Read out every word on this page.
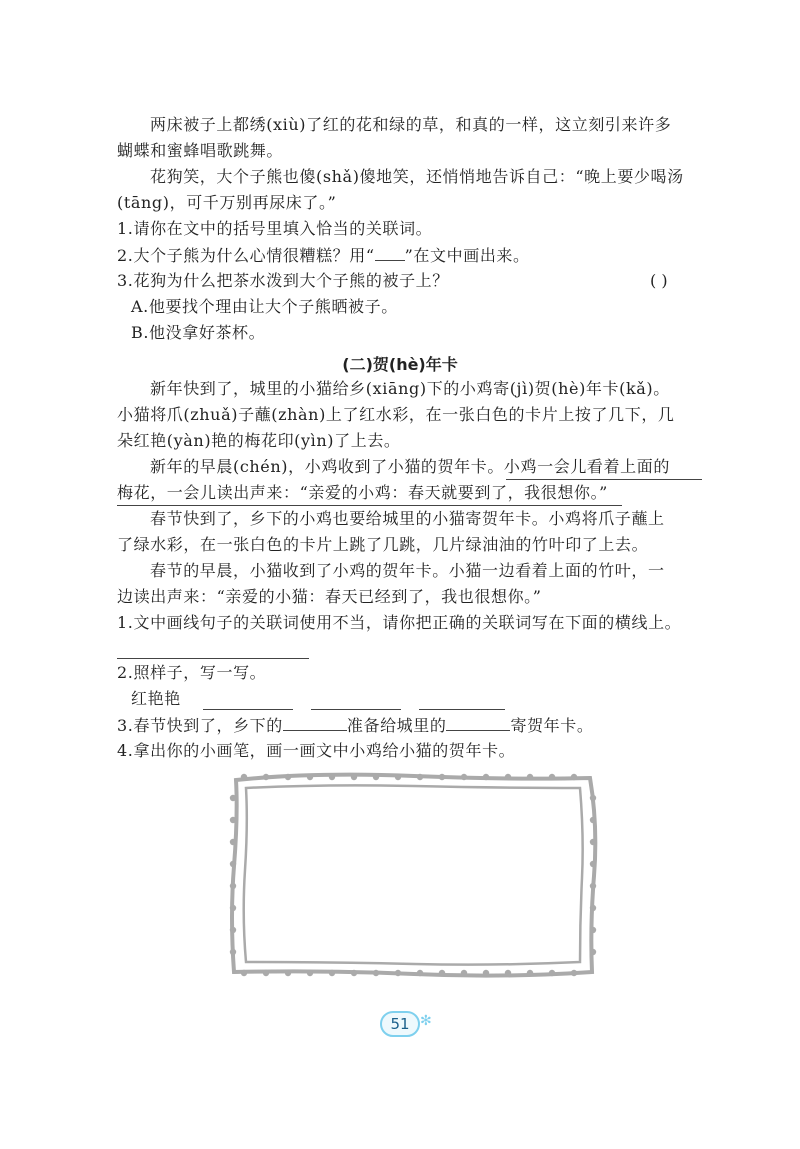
两床被子上都绣(xiù)了红的花和绿的草，和真的一样，这立刻引来许多
蝴蝶和蜜蜂唱歌跳舞。
花狗笑，大个子熊也傻(shǎ)傻地笑，还悄悄地告诉自己：“晚上要少喝汤
(tāng)，可千万别再尿床了。”
1.请你在文中的括号里填入恰当的关联词。
2.大个子熊为什么心情很糟糕？用“ ”在文中画出来。
3.花狗为什么把茶水泼到大个子熊的被子上？	( )
A.他要找个理由让大个子熊晒被子。
B.他没拿好茶杯。
(二)贺(hè)年卡
新年快到了，城里的小猫给乡(xiāng)下的小鸡寄(jì)贺(hè)年卡(kǎ)。
小猫将爪(zhuǎ)子蘸(zhàn)上了红水彩，在一张白色的卡片上按了几下，几
朵红艳(yàn)艳的梅花印(yìn)了上去。
新年的早晨(chén)，小鸡收到了小猫的贺年卡。小鸡一会儿看着上面的
梅花，一会儿读出声来：“亲爱的小鸡：春天就要到了，我很想你。”
春节快到了，乡下的小鸡也要给城里的小猫寄贺年卡。小鸡将爪子蘸上
了绿水彩，在一张白色的卡片上跳了几跳，几片绿油油的竹叶印了上去。
春节的早晨，小猫收到了小鸡的贺年卡。小猫一边看着上面的竹叶，一
边读出声来：“亲爱的小猫：春天已经到了，我也很想你。”
1.文中画线句子的关联词使用不当，请你把正确的关联词写在下面的横线上。
2.照样子，写一写。
红艳艳
3.春节快到了，乡下的	准备给城里的	寄贺年卡。
4.拿出你的小画笔，画一画文中小鸡给小猫的贺年卡。
51 ✻
